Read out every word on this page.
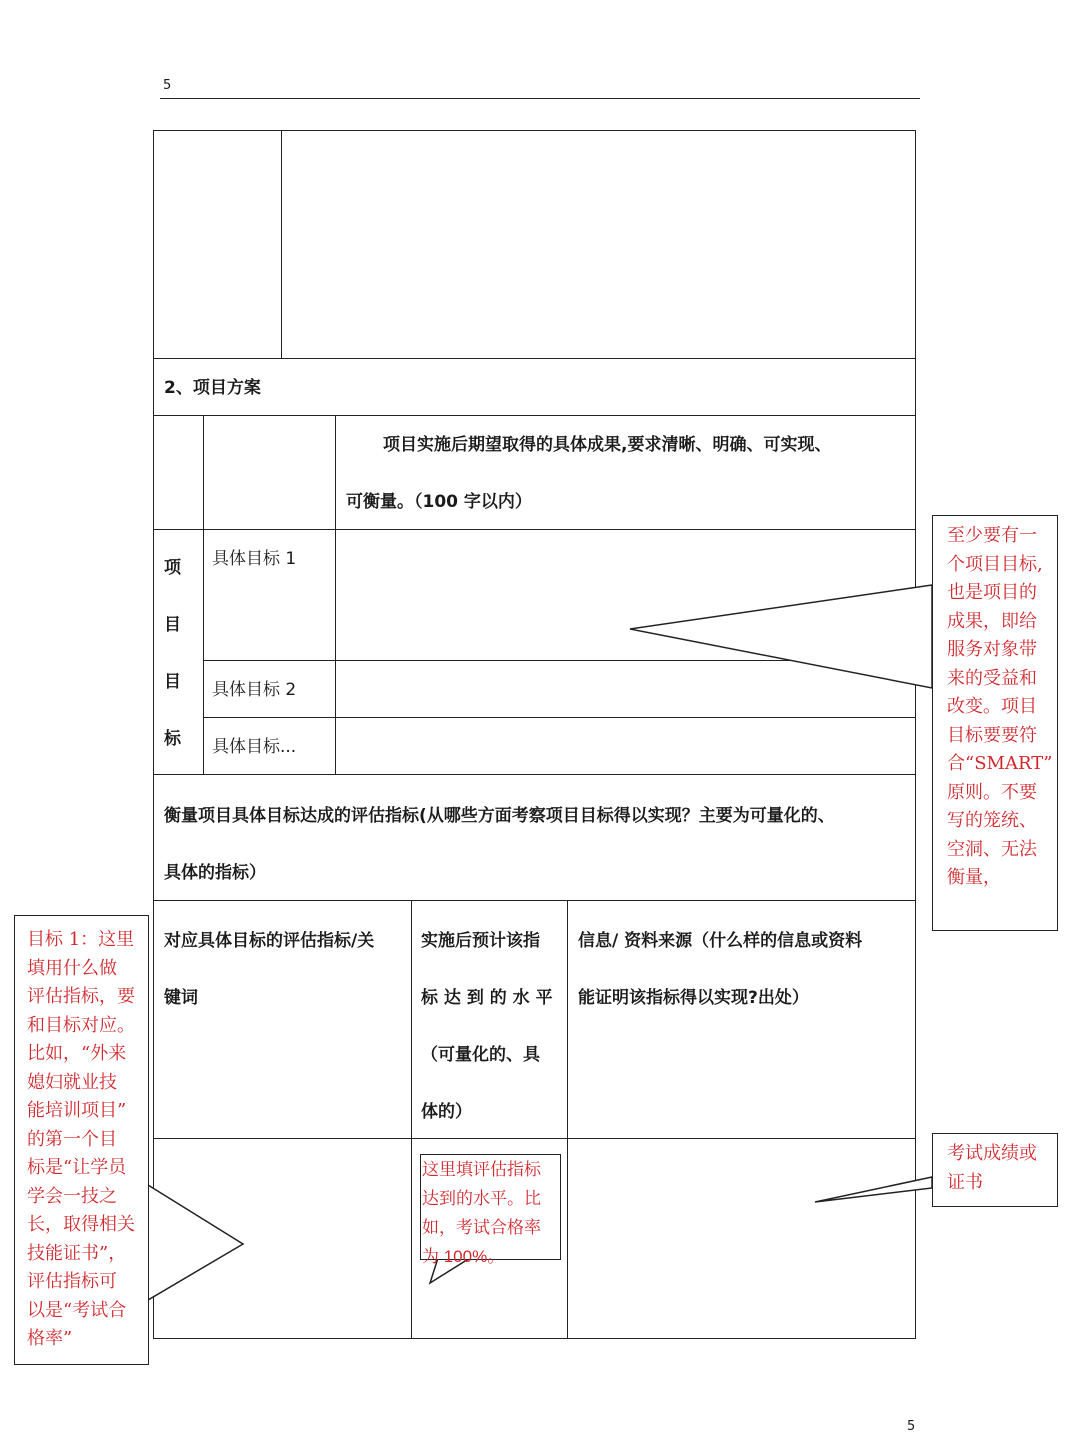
5
5
2、项目方案
项目实施后期望取得的具体成果,要求清晰、明确、可实现、
可衡量。（100 字以内）
项
目
目
标
具体目标 1
具体目标 2
具体目标...
衡量项目具体目标达成的评估指标(从哪些方面考察项目目标得以实现？主要为可量化的、
具体的指标）
对应具体目标的评估指标/关
键词
实施后预计该指
标 达 到 的 水 平
（可量化的、具
体的）
信息/ 资料来源（什么样的信息或资料
能证明该指标得以实现?出处）
至少要有一
个项目目标,
也是项目的
成果，即给
服务对象带
来的受益和
改变。项目
目标要要符
合“SMART”
原则。不要
写的笼统、
空洞、无法
衡量，
目标 1：这里
填用什么做
评估指标，要
和目标对应。
比如，“外来
媳妇就业技
能培训项目”
的第一个目
标是“让学员
学会一技之
长，取得相关
技能证书”，
评估指标可
以是“考试合
格率”
这里填评估指标
达到的水平。比
如，考试合格率
为 100%。
考试成绩或
证书
